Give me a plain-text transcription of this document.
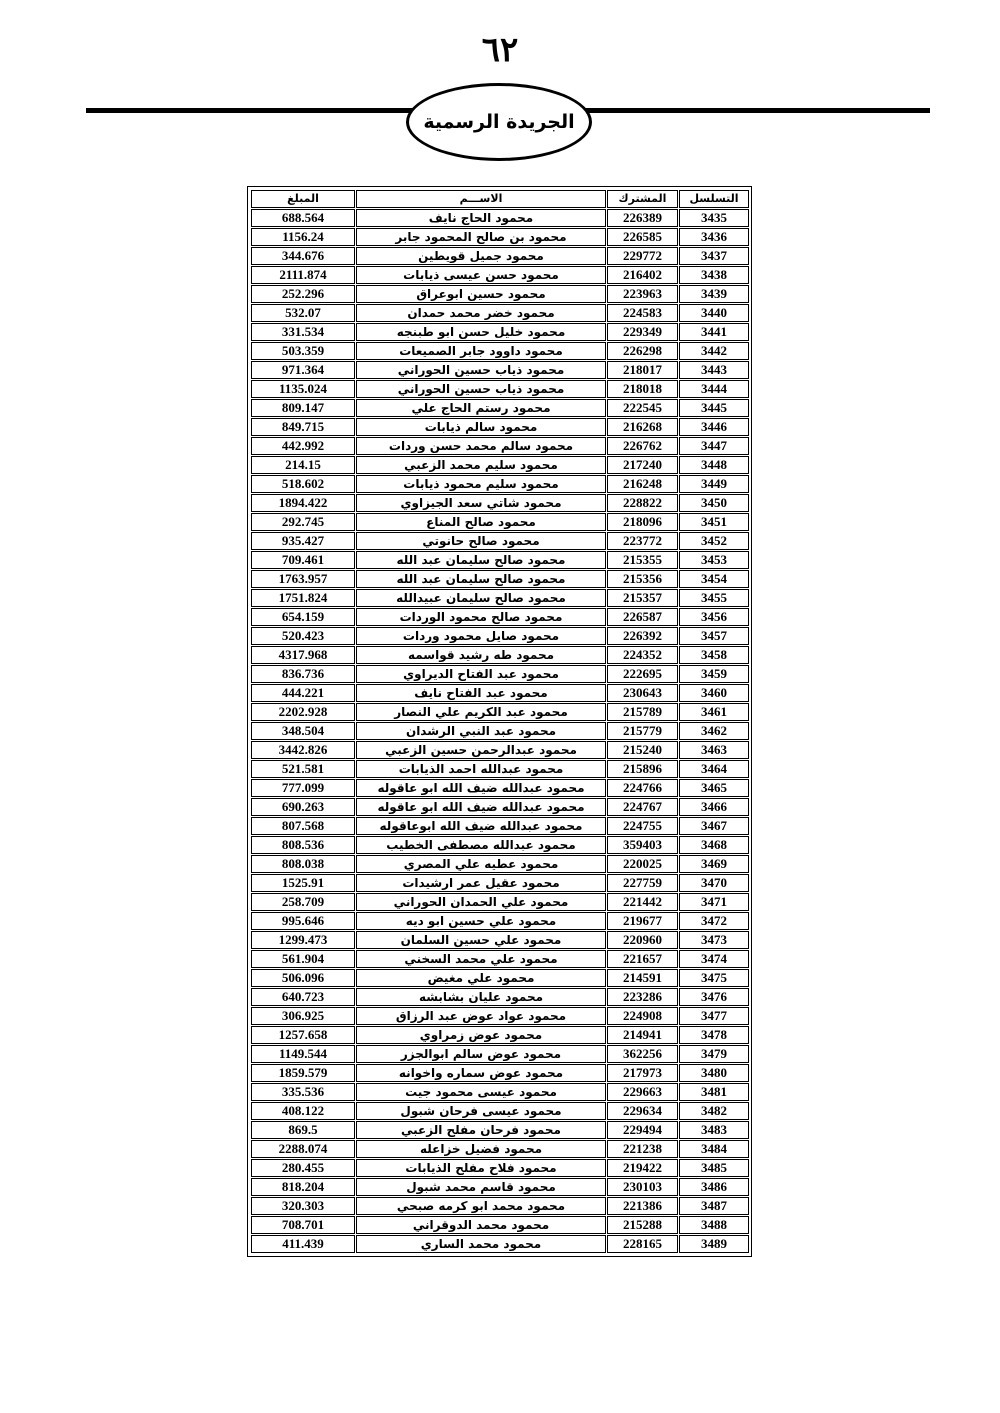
٦٢
الجريدة الرسمية
التسلسل	المشترك	الاســـم	المبلغ
3435	226389	محمود الحاج نايف	688.564
3436	226585	محمود بن صالح المحمود جابر	1156.24
3437	229772	محمود جميل قويطين	344.676
3438	216402	محمود حسن عيسى ذيابات	2111.874
3439	223963	محمود حسين ابوعراق	252.296
3440	224583	محمود خضر محمد حمدان	532.07
3441	229349	محمود خليل حسن ابو طبنجه	331.534
3442	226298	محمود داوود جابر الصميعات	503.359
3443	218017	محمود ذياب حسين الحوراني	971.364
3444	218018	محمود ذياب حسين الحوراني	1135.024
3445	222545	محمود رستم الحاج علي	809.147
3446	216268	محمود سالم ذيابات	849.715
3447	226762	محمود سالم محمد حسن وردات	442.992
3448	217240	محمود سليم محمد الزعبي	214.15
3449	216248	محمود سليم محمود ذيابات	518.602
3450	228822	محمود شاتي سعد الجيزاوي	1894.422
3451	218096	محمود صالح المناع	292.745
3452	223772	محمود صالح حانوتي	935.427
3453	215355	محمود صالح سليمان عبد الله	709.461
3454	215356	محمود صالح سليمان عبد الله	1763.957
3455	215357	محمود صالح سليمان عبيدالله	1751.824
3456	226587	محمود صالح محمود الوردات	654.159
3457	226392	محمود صايل محمود وردات	520.423
3458	224352	محمود طه رشيد قواسمه	4317.968
3459	222695	محمود عبد الفتاح الديراوي	836.736
3460	230643	محمود عبد الفتاح نايف	444.221
3461	215789	محمود عبد الكريم علي النصار	2202.928
3462	215779	محمود عبد النبي الرشدان	348.504
3463	215240	محمود عبدالرحمن حسين الزعبي	3442.826
3464	215896	محمود عبدالله احمد الذيابات	521.581
3465	224766	محمود عبدالله ضيف الله ابو عاقوله	777.099
3466	224767	محمود عبدالله ضيف الله ابو عاقوله	690.263
3467	224755	محمود عبدالله ضيف الله ابوعاقوله	807.568
3468	359403	محمود عبدالله مصطفى الخطيب	808.536
3469	220025	محمود عطيه علي المصري	808.038
3470	227759	محمود عقيل عمر ارشيدات	1525.91
3471	221442	محمود علي الحمدان الحوراني	258.709
3472	219677	محمود علي حسين ابو ديه	995.646
3473	220960	محمود علي حسين السلمان	1299.473
3474	221657	محمود علي محمد السخني	561.904
3475	214591	محمود علي مغيض	506.096
3476	223286	محمود عليان بشابشه	640.723
3477	224908	محمود عواد عوض عبد الرزاق	306.925
3478	214941	محمود عوض زمراوي	1257.658
3479	362256	محمود عوض سالم ابوالجزر	1149.544
3480	217973	محمود عوض سماره واخوانه	1859.579
3481	229663	محمود عيسى محمود جيت	335.536
3482	229634	محمود عيسى فرحان شبول	408.122
3483	229494	محمود فرحان مفلح الزعبي	869.5
3484	221238	محمود فضيل خزاعله	2288.074
3485	219422	محمود فلاح مفلح الذيابات	280.455
3486	230103	محمود قاسم محمد شبول	818.204
3487	221386	محمود محمد ابو كرمه صبحي	320.303
3488	215288	محمود محمد الدوقراني	708.701
3489	228165	محمود محمد الساري	411.439
